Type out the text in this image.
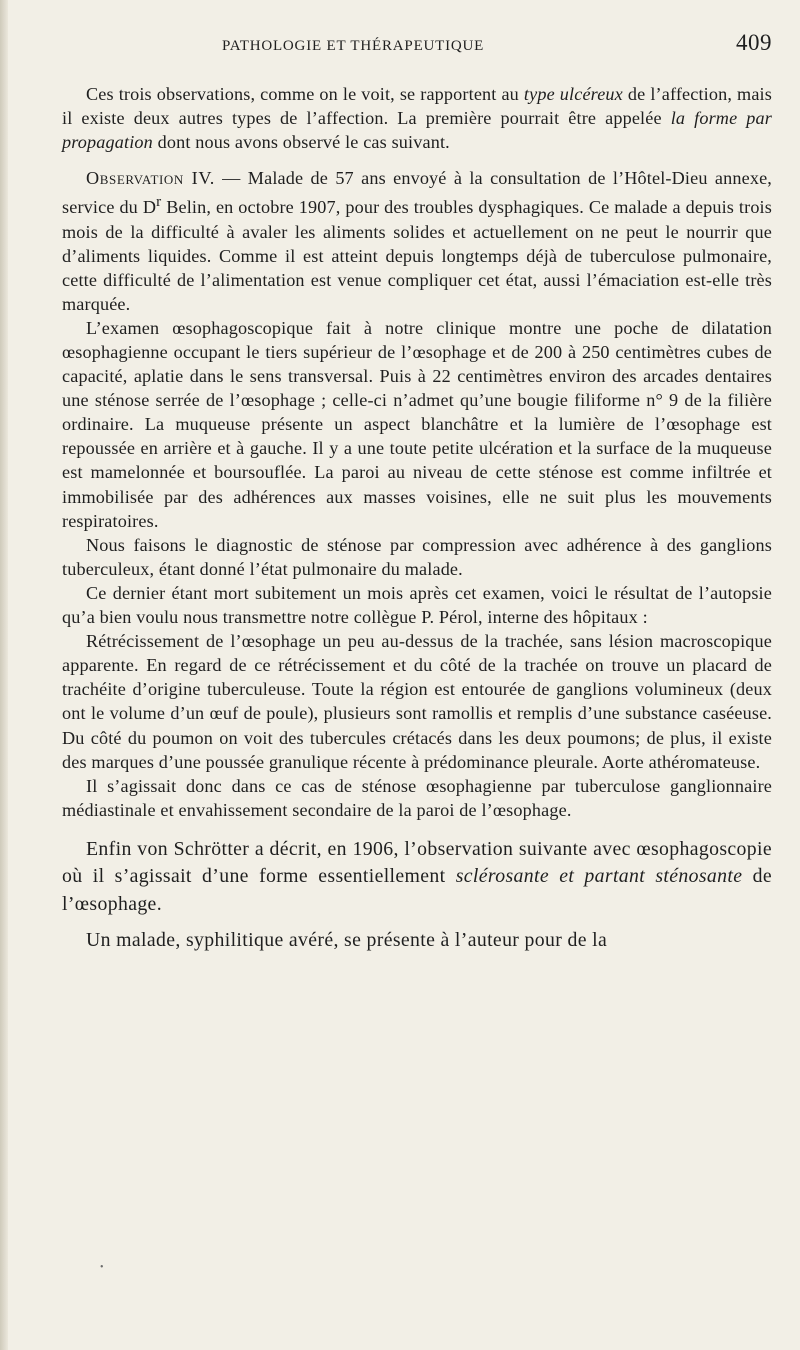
PATHOLOGIE ET THÉRAPEUTIQUE	409

Ces trois observations, comme on le voit, se rapportent au type ulcéreux de l’affection, mais il existe deux autres types de l’affection. La première pourrait être appelée la forme par propagation dont nous avons observé le cas suivant.

Observation IV. — Malade de 57 ans envoyé à la consultation de l’Hôtel-Dieu annexe, service du $D^r$ Belin, en octobre 1907, pour des troubles dysphagiques. Ce malade a depuis trois mois de la difficulté à avaler les aliments solides et actuellement on ne peut le nourrir que d’aliments liquides. Comme il est atteint depuis longtemps déjà de tuberculose pulmonaire, cette difficulté de l’alimentation est venue compliquer cet état, aussi l’émaciation est-elle très marquée.

L’examen œsophagoscopique fait à notre clinique montre une poche de dilatation œsophagienne occupant le tiers supérieur de l’œsophage et de 200 à 250 centimètres cubes de capacité, aplatie dans le sens transversal. Puis à 22 centimètres environ des arcades dentaires une sténose serrée de l’œsophage ; celle-ci n’admet qu’une bougie filiforme n° 9 de la filière ordinaire. La muqueuse présente un aspect blanchâtre et la lumière de l’œsophage est repoussée en arrière et à gauche. Il y a une toute petite ulcération et la surface de la muqueuse est mamelonnée et boursouflée. La paroi au niveau de cette sténose est comme infiltrée et immobilisée par des adhérences aux masses voisines, elle ne suit plus les mouvements respiratoires.

Nous faisons le diagnostic de sténose par compression avec adhérence à des ganglions tuberculeux, étant donné l’état pulmonaire du malade.

Ce dernier étant mort subitement un mois après cet examen, voici le résultat de l’autopsie qu’a bien voulu nous transmettre notre collègue P. Pérol, interne des hôpitaux :

Rétrécissement de l’œsophage un peu au-dessus de la trachée, sans lésion macroscopique apparente. En regard de ce rétrécissement et du côté de la trachée on trouve un placard de trachéite d’origine tuberculeuse. Toute la région est entourée de ganglions volumineux (deux ont le volume d’un œuf de poule), plusieurs sont ramollis et remplis d’une substance caséeuse. Du côté du poumon on voit des tubercules crétacés dans les deux poumons; de plus, il existe des marques d’une poussée granulique récente à prédominance pleurale. Aorte athéromateuse.

Il s’agissait donc dans ce cas de sténose œsophagienne par tuberculose ganglionnaire médiastinale et envahissement secondaire de la paroi de l’œsophage.

Enfin von Schrötter a décrit, en 1906, l’observation suivante avec œsophagoscopie où il s’agissait d’une forme essentiellement sclérosante et partant sténosante de l’œsophage.

Un malade, syphilitique avéré, se présente à l’auteur pour de la

•
